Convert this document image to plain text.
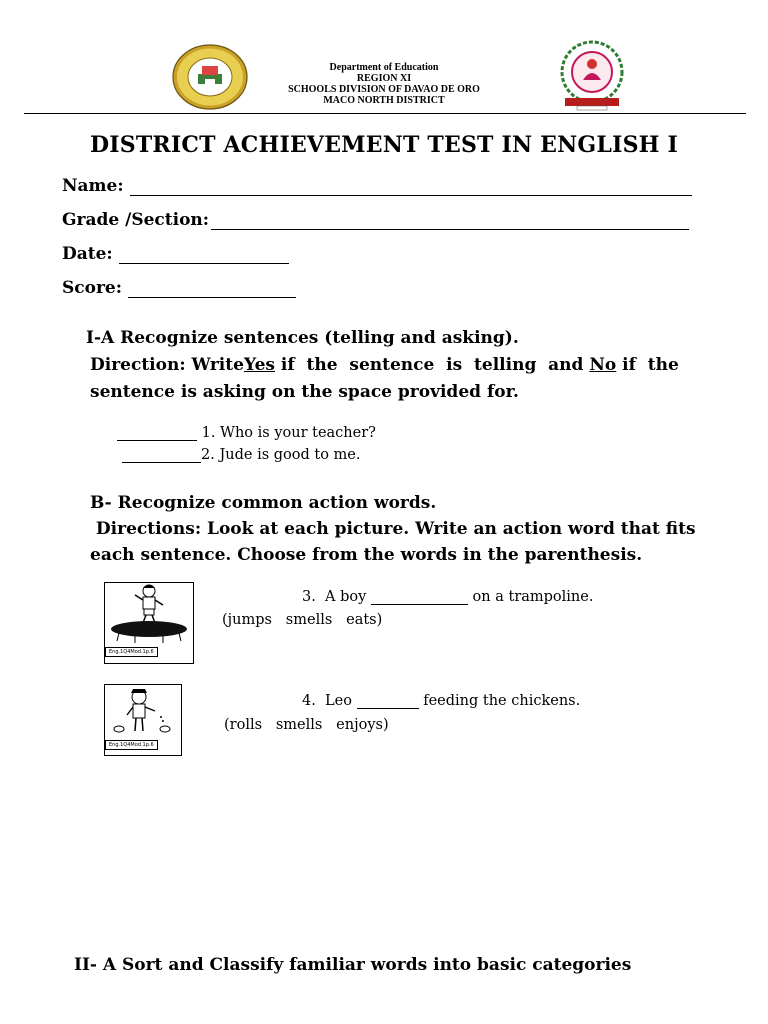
Department of Education
REGION XI
SCHOOLS DIVISION OF DAVAO DE ORO
MACO NORTH DISTRICT
DISTRICT ACHIEVEMENT TEST IN ENGLISH I
Name:
Grade /Section:
Date:
Score:
I-A Recognize sentences (telling and asking).
Direction: WriteYes if  the  sentence  is  telling  and No if  the
sentence is asking on the space provided for.
1. Who is your teacher?
2. Jude is good to me.
B- Recognize common action words.
Directions: Look at each picture. Write an action word that fits
each sentence. Choose from the words in the parenthesis.
Eng.1Q4Mod.1p.6
3.  A boy	on a trampoline.
(jumps   smells   eats)
Eng.1Q4Mod.1p.6
4.  Leo	feeding the chickens.
(rolls   smells   enjoys)
II- A Sort and Classify familiar words into basic categories
